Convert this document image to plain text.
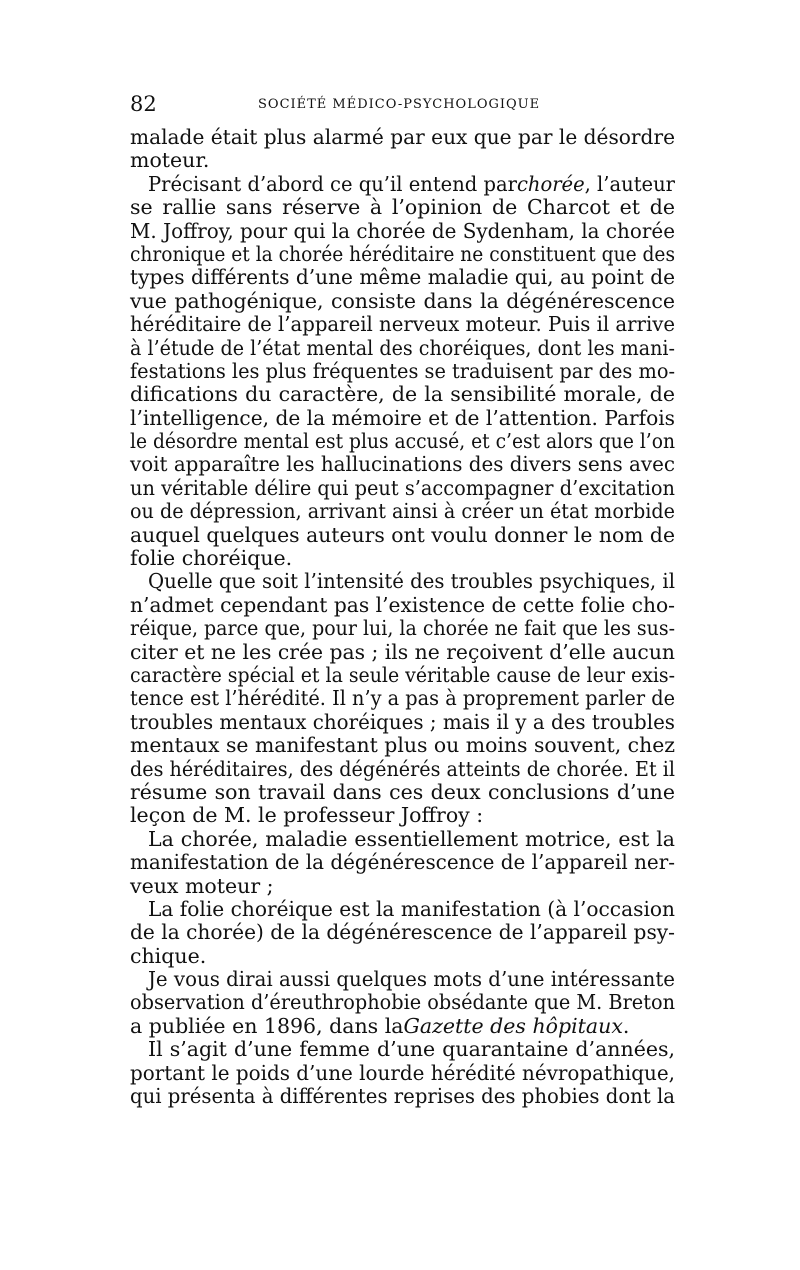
82	SOCIÉTÉ MÉDICO-PSYCHOLOGIQUE
malade était plus alarmé par eux que par le désordre
moteur.
Précisant d’abord ce qu’il entend parchorée, l’auteur
se rallie sans réserve à l’opinion de Charcot et de
M. Joffroy, pour qui la chorée de Sydenham, la chorée
chronique et la chorée héréditaire ne constituent que des
types différents d’une même maladie qui, au point de
vue pathogénique, consiste dans la dégénérescence
héréditaire de l’appareil nerveux moteur. Puis il arrive
à l’étude de l’état mental des choréiques, dont les mani-
festations les plus fréquentes se traduisent par des mo-
difications du caractère, de la sensibilité morale, de
l’intelligence, de la mémoire et de l’attention. Parfois
le désordre mental est plus accusé, et c’est alors que l’on
voit apparaître les hallucinations des divers sens avec
un véritable délire qui peut s’accompagner d’excitation
ou de dépression, arrivant ainsi à créer un état morbide
auquel quelques auteurs ont voulu donner le nom de
folie choréique.
Quelle que soit l’intensité des troubles psychiques, il
n’admet cependant pas l’existence de cette folie cho-
réique, parce que, pour lui, la chorée ne fait que les sus-
citer et ne les crée pas ; ils ne reçoivent d’elle aucun
caractère spécial et la seule véritable cause de leur exis-
tence est l’hérédité. Il n’y a pas à proprement parler de
troubles mentaux choréiques ; mais il y a des troubles
mentaux se manifestant plus ou moins souvent, chez
des héréditaires, des dégénérés atteints de chorée. Et il
résume son travail dans ces deux conclusions d’une
leçon de M. le professeur Joffroy :
La chorée, maladie essentiellement motrice, est la
manifestation de la dégénérescence de l’appareil ner-
veux moteur ;
La folie choréique est la manifestation (à l’occasion
de la chorée) de la dégénérescence de l’appareil psy-
chique.
Je vous dirai aussi quelques mots d’une intéressante
observation d’éreuthrophobie obsédante que M. Breton
a publiée en 1896, dans laGazette des hôpitaux.
Il s’agit d’une femme d’une quarantaine d’années,
portant le poids d’une lourde hérédité névropathique,
qui présenta à différentes reprises des phobies dont la
